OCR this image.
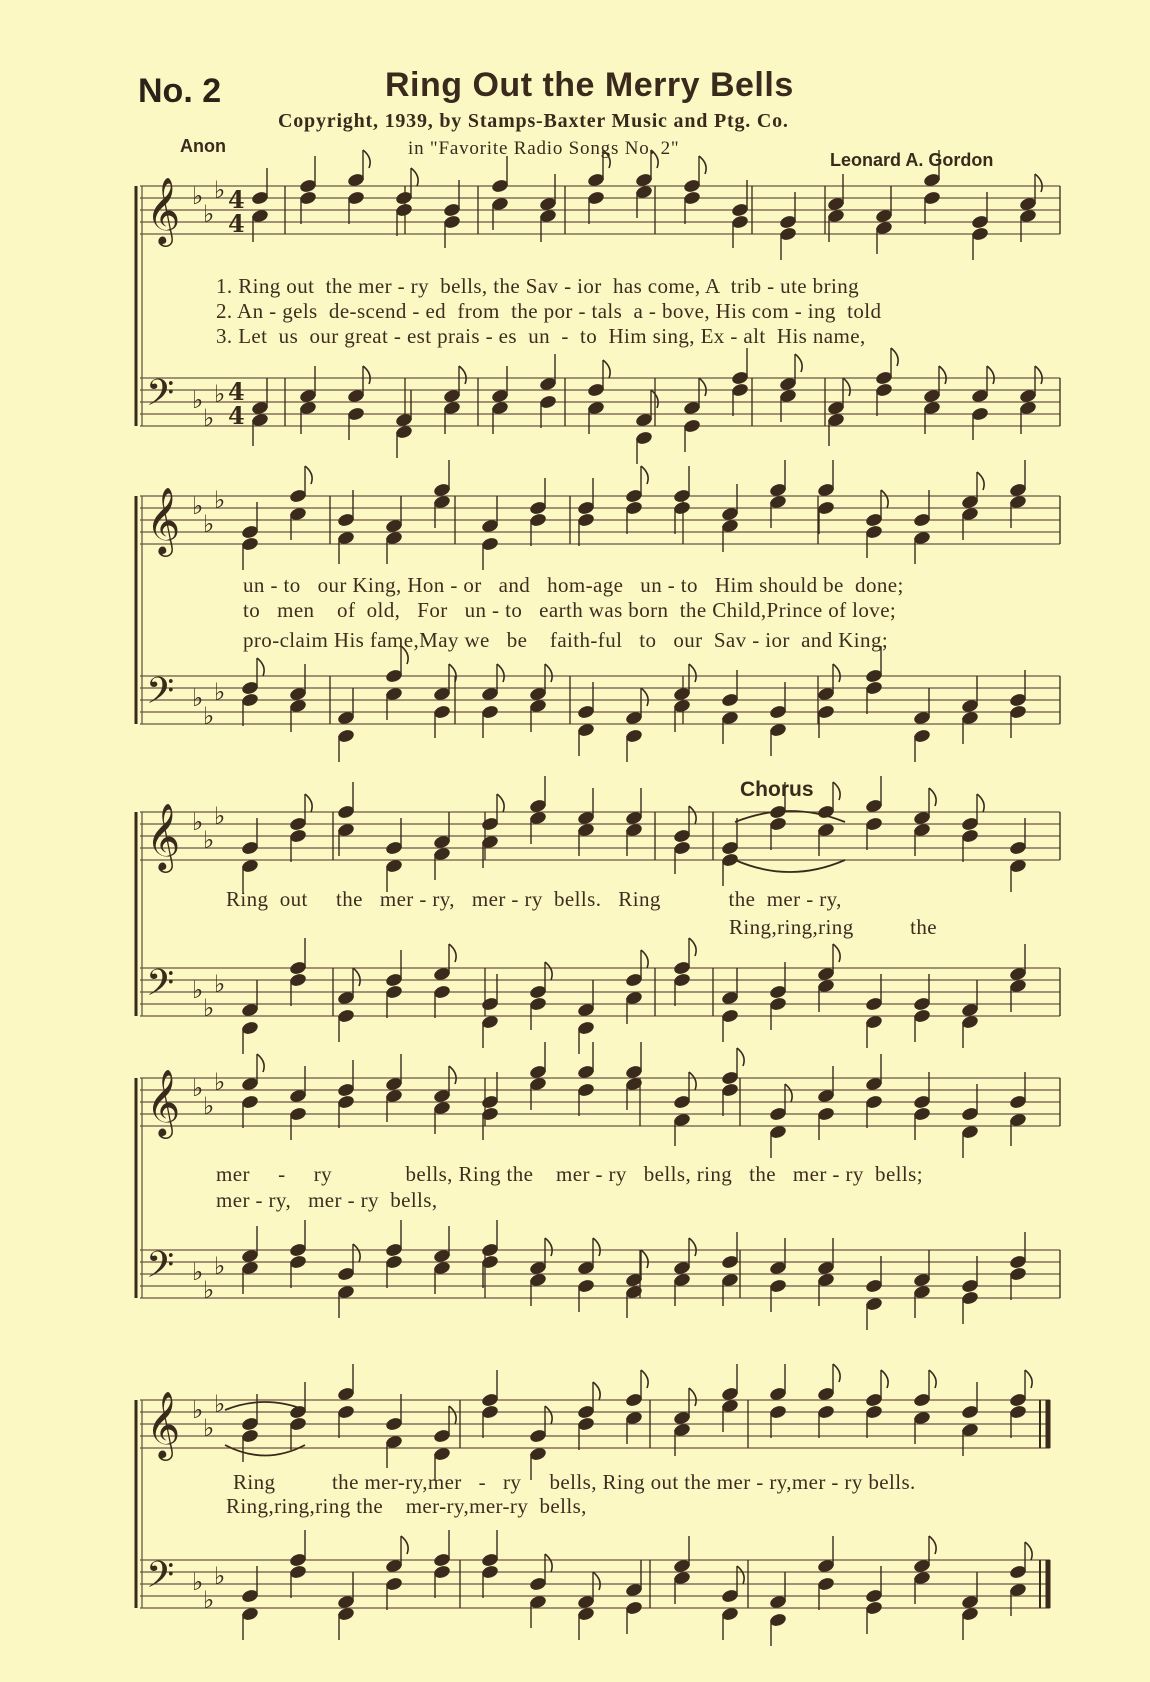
No. 2	Ring Out the Merry Bells
Copyright, 1939, by Stamps-Baxter Music and Ptg. Co.
in "Favorite Radio Songs No. 2"
Anon
Leonard A. Gordon
𝄞 ♭
♭
♭ 4
4
𝄢 ♭
♭
♭ 4
4
𝄞 ♭
♭
♭
𝄢 ♭
♭
♭
𝄞 ♭
♭
♭
𝄢 ♭
♭
♭
𝄞 ♭
♭
♭
𝄢 ♭
♭
♭
𝄞 ♭
♭
♭
𝄢 ♭
♭
♭
Chorus
1. Ring out  the mer - ry  bells, the Sav - ior  has come, A  trib - ute bring
2. An - gels  de-scend - ed  from  the por - tals  a - bove, His com - ing  told
3. Let  us  our great - est prais - es  un  -  to  Him sing, Ex - alt  His name,
un - to   our King, Hon - or   and   hom-age   un - to   Him should be  done;
to   men    of  old,   For   un - to   earth was born  the Child,Prince of love;
pro-claim His fame,May we   be    faith-ful   to   our  Sav - ior  and King;
Ring  out     the   mer - ry,   mer - ry  bells.   Ring            the  mer - ry,
Ring,ring,ring          the
mer     -     ry             bells, Ring the    mer - ry   bells, ring   the   mer - ry  bells;
mer - ry,   mer - ry  bells,
Ring          the mer-ry,mer   -   ry     bells, Ring out the mer - ry,mer - ry bells.
Ring,ring,ring the    mer-ry,mer-ry  bells,
